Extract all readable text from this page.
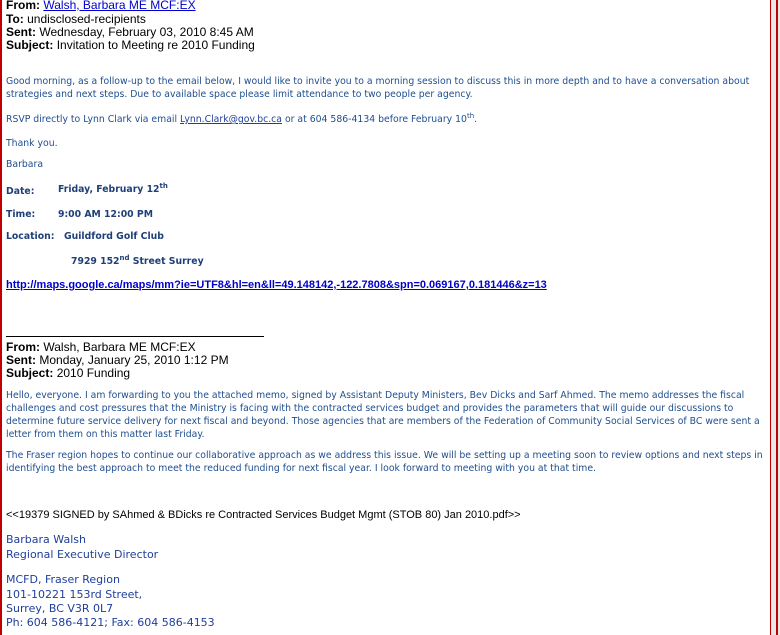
From: Walsh, Barbara ME MCF:EX
To: undisclosed-recipients
Sent: Wednesday, February 03, 2010 8:45 AM
Subject: Invitation to Meeting re 2010 Funding
Good morning, as a follow-up to the email below, I would like to invite you to a morning session to discuss this in more depth and to have a conversation about strategies and next steps. Due to available space please limit attendance to two people per agency.
RSVP directly to Lynn Clark via email Lynn.Clark@gov.bc.ca or at 604 586-4134 before February 10th.
Thank you.
Barbara
Date:	Friday, February 12th
Time: 9:00 AM 12:00 PM
Location: Guildford Golf Club
7929 152nd Street Surrey
http://maps.google.ca/maps/mm?ie=UTF8&hl=en&ll=49.148142,-122.7808&spn=0.069167,0.181446&z=13
From: Walsh, Barbara ME MCF:EX
Sent: Monday, January 25, 2010 1:12 PM
Subject: 2010 Funding
Hello, everyone. I am forwarding to you the attached memo, signed by Assistant Deputy Ministers, Bev Dicks and Sarf Ahmed. The memo addresses the fiscal challenges and cost pressures that the Ministry is facing with the contracted services budget and provides the parameters that will guide our discussions to determine future service delivery for next fiscal and beyond. Those agencies that are members of the Federation of Community Social Services of BC were sent a letter from them on this matter last Friday.
The Fraser region hopes to continue our collaborative approach as we address this issue. We will be setting up a meeting soon to review options and next steps in identifying the best approach to meet the reduced funding for next fiscal year. I look forward to meeting with you at that time.
<<19379 SIGNED by SAhmed & BDicks re Contracted Services Budget Mgmt (STOB 80) Jan 2010.pdf>>
Barbara Walsh
Regional Executive Director
MCFD, Fraser Region
101-10221 153rd Street,
Surrey, BC V3R 0L7
Ph: 604 586-4121; Fax: 604 586-4153
